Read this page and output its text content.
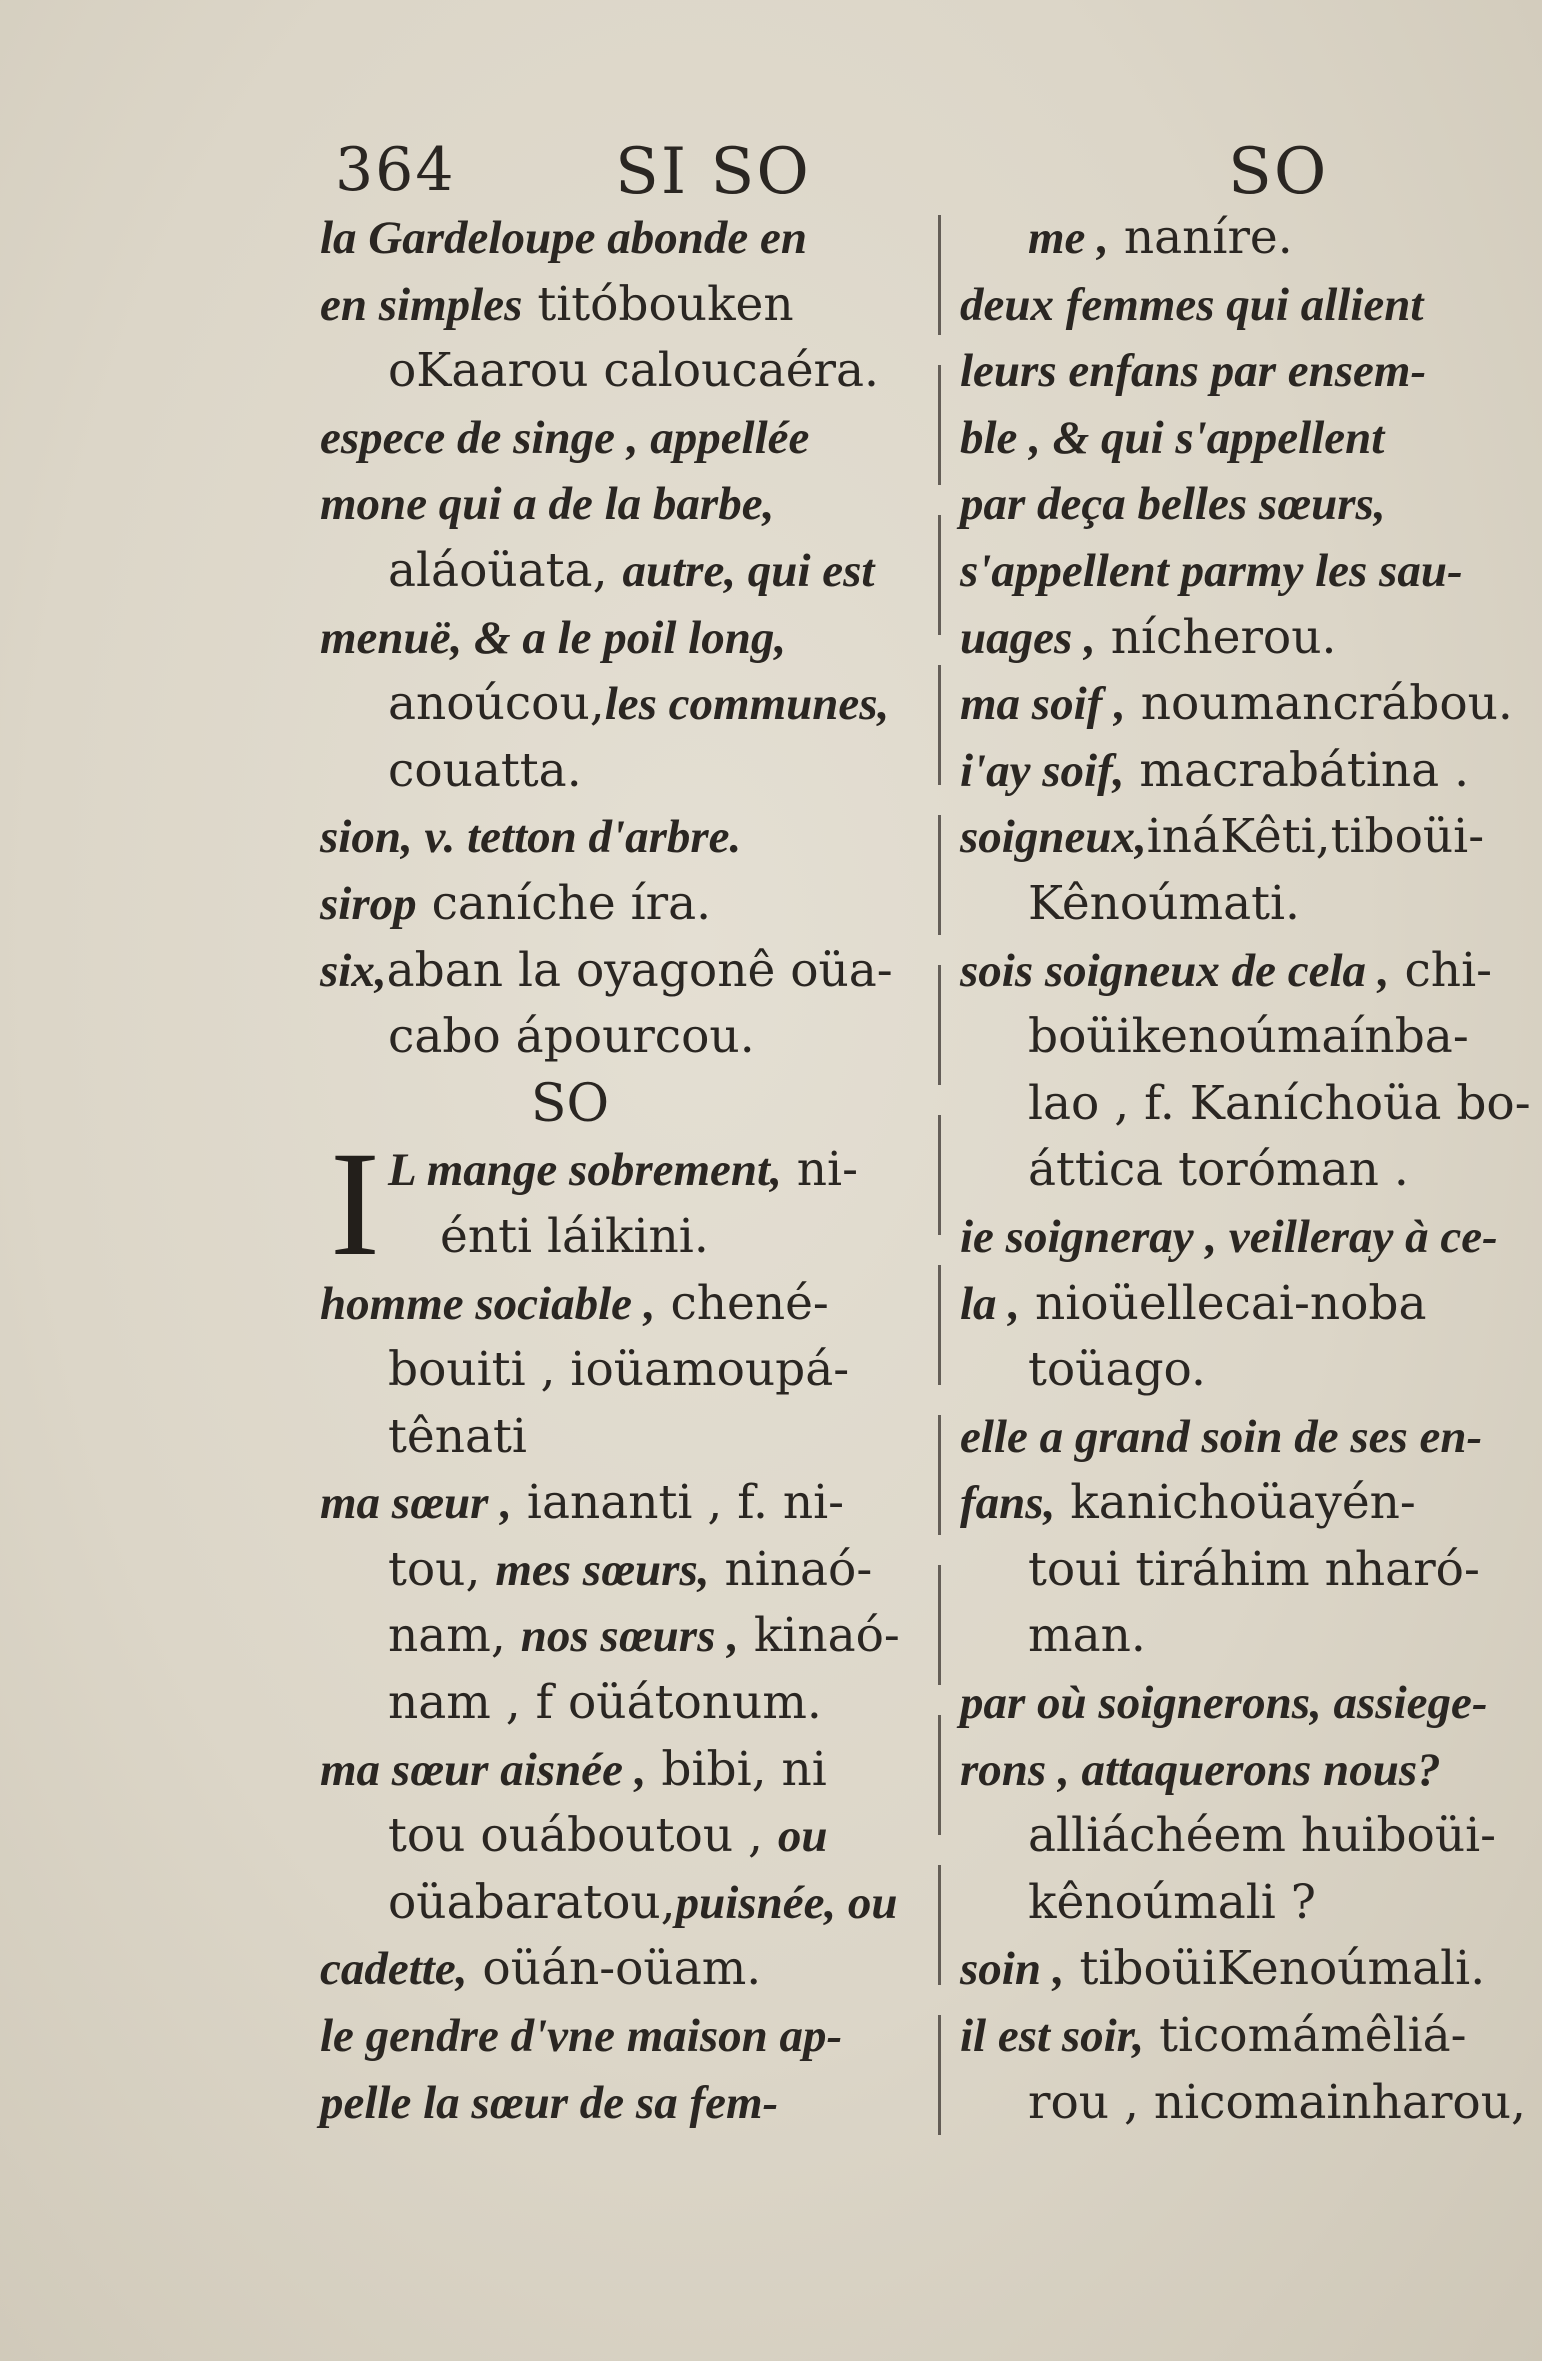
364 SI SO	SO
I
la Gardeloupe abonde en
en simples titóbouken
oKaarou caloucaéra.
espece de singe , appellée
mone qui a de la barbe,
aláoüata, autre, qui est
menuë, & a le poil long,
anoúcou,les communes,
couatta.
sion, v. tetton d'arbre.
sirop caníche íra.
six,aban la oyagonê oüa-
cabo ápourcou.
SO
L mange sobrement, ni-
énti láikini.
homme sociable , chené-
bouiti , ioüamoupá-
tênati
ma sœur , iananti , f. ni-
tou, mes sœurs, ninaó-
nam, nos sœurs , kinaó-
nam , f oüátonum.
ma sœur aisnée , bibi, ni
tou ouáboutou , ou
oüabaratou,puisnée, ou
cadette, oüán-oüam.
le gendre d'vne maison ap-
pelle la sœur de sa fem-
me , naníre.
deux femmes qui allient
leurs enfans par ensem-
ble , & qui s'appellent
par deça belles sœurs,
s'appellent parmy les sau-
uages , nícherou.
ma soif , noumancrábou.
i'ay soif, macrabátina .
soigneux,ináKêti,tiboüi-
Kênoúmati.
sois soigneux de cela , chi-
boüikenoúmaínba-
lao , f. Kaníchoüa bo-
áttica toróman .
ie soigneray , veilleray à ce-
la , nioüellecai-noba
toüago.
elle a grand soin de ses en-
fans, kanichoüayén-
toui tiráhim nharó-
man.
par où soignerons, assiege-
rons , attaquerons nous?
alliáchéem huiboüi-
kênoúmali ?
soin , tiboüiKenoúmali.
il est soir, ticomámêliá-
rou , nicomainharou,
